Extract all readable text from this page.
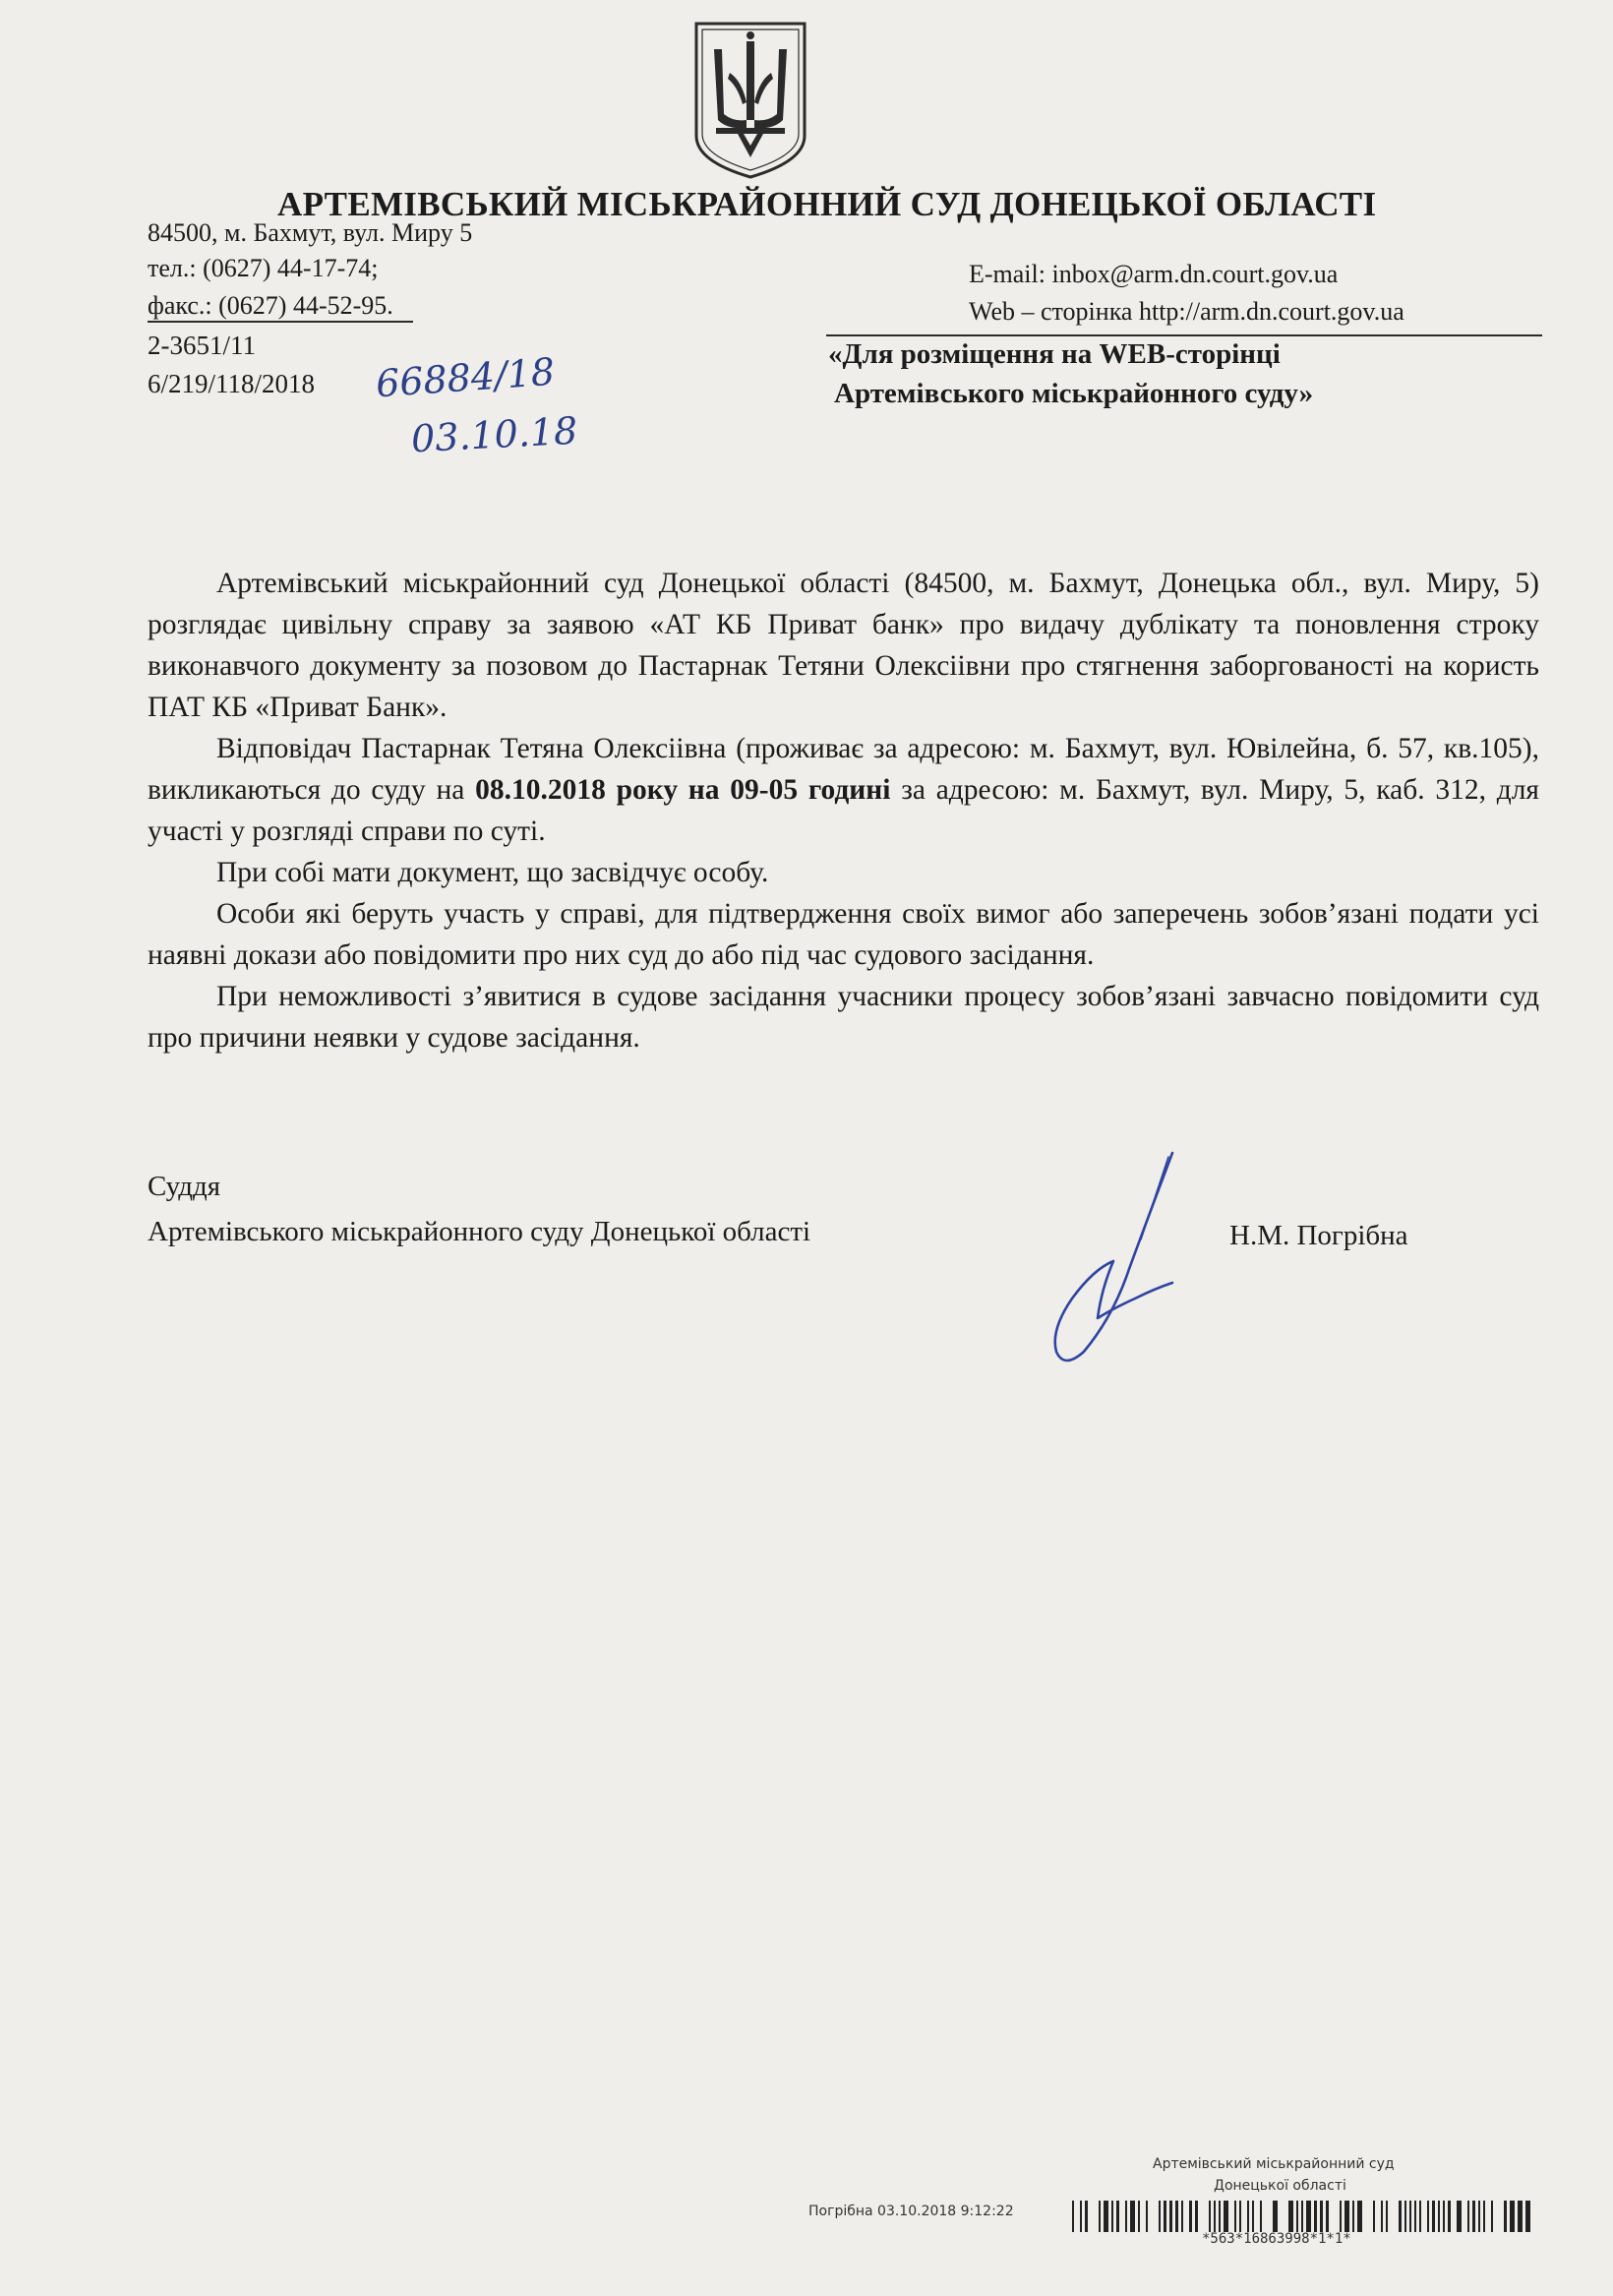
АРТЕМІВСЬКИЙ МІСЬКРАЙОННИЙ СУД ДОНЕЦЬКОЇ ОБЛАСТІ
84500, м. Бахмут, вул. Миру 5
тел.: (0627) 44-17-74;
факс.: (0627) 44-52-95.
E-mail: inbox@arm.dn.court.gov.ua
Web – сторінка http://arm.dn.court.gov.ua
2-3651/11
6/219/118/2018 66884/18
03.10.18
«Для розміщення на WEB-сторінці
Артемівського міськрайонного суду»

Артемівський міськрайонний суд Донецької області (84500, м. Бахмут, Донецька обл., вул. Миру, 5) розглядає цивільну справу за заявою «АТ КБ Приват банк» про видачу дублікату та поновлення строку виконавчого документу за позовом до Пастарнак Тетяни Олексіівни про стягнення заборгованості на користь ПАТ КБ «Приват Банк».

Відповідач Пастарнак Тетяна Олексіівна (проживає за адресою: м. Бахмут, вул. Ювілейна, б. 57, кв.105), викликаються до суду на 08.10.2018 року на 09-05 годині за адресою: м. Бахмут, вул. Миру, 5, каб. 312, для участі у розгляді справи по суті.

При собі мати документ, що засвідчує особу.

Особи які беруть участь у справі, для підтвердження своїх вимог або заперечень зобов’язані подати усі наявні докази або повідомити про них суд до або під час судового засідання.

При неможливості з’явитися в судове засідання учасники процесу зобов’язані завчасно повідомити суд про причини неявки у судове засідання.

Суддя
Артемівського міськрайонного суду Донецької області	Н.М. Погрібна
Артемівський міськрайонний суд
Донецької області
Погрібна 03.10.2018 9:12:22
*563*16863998*1*1*
